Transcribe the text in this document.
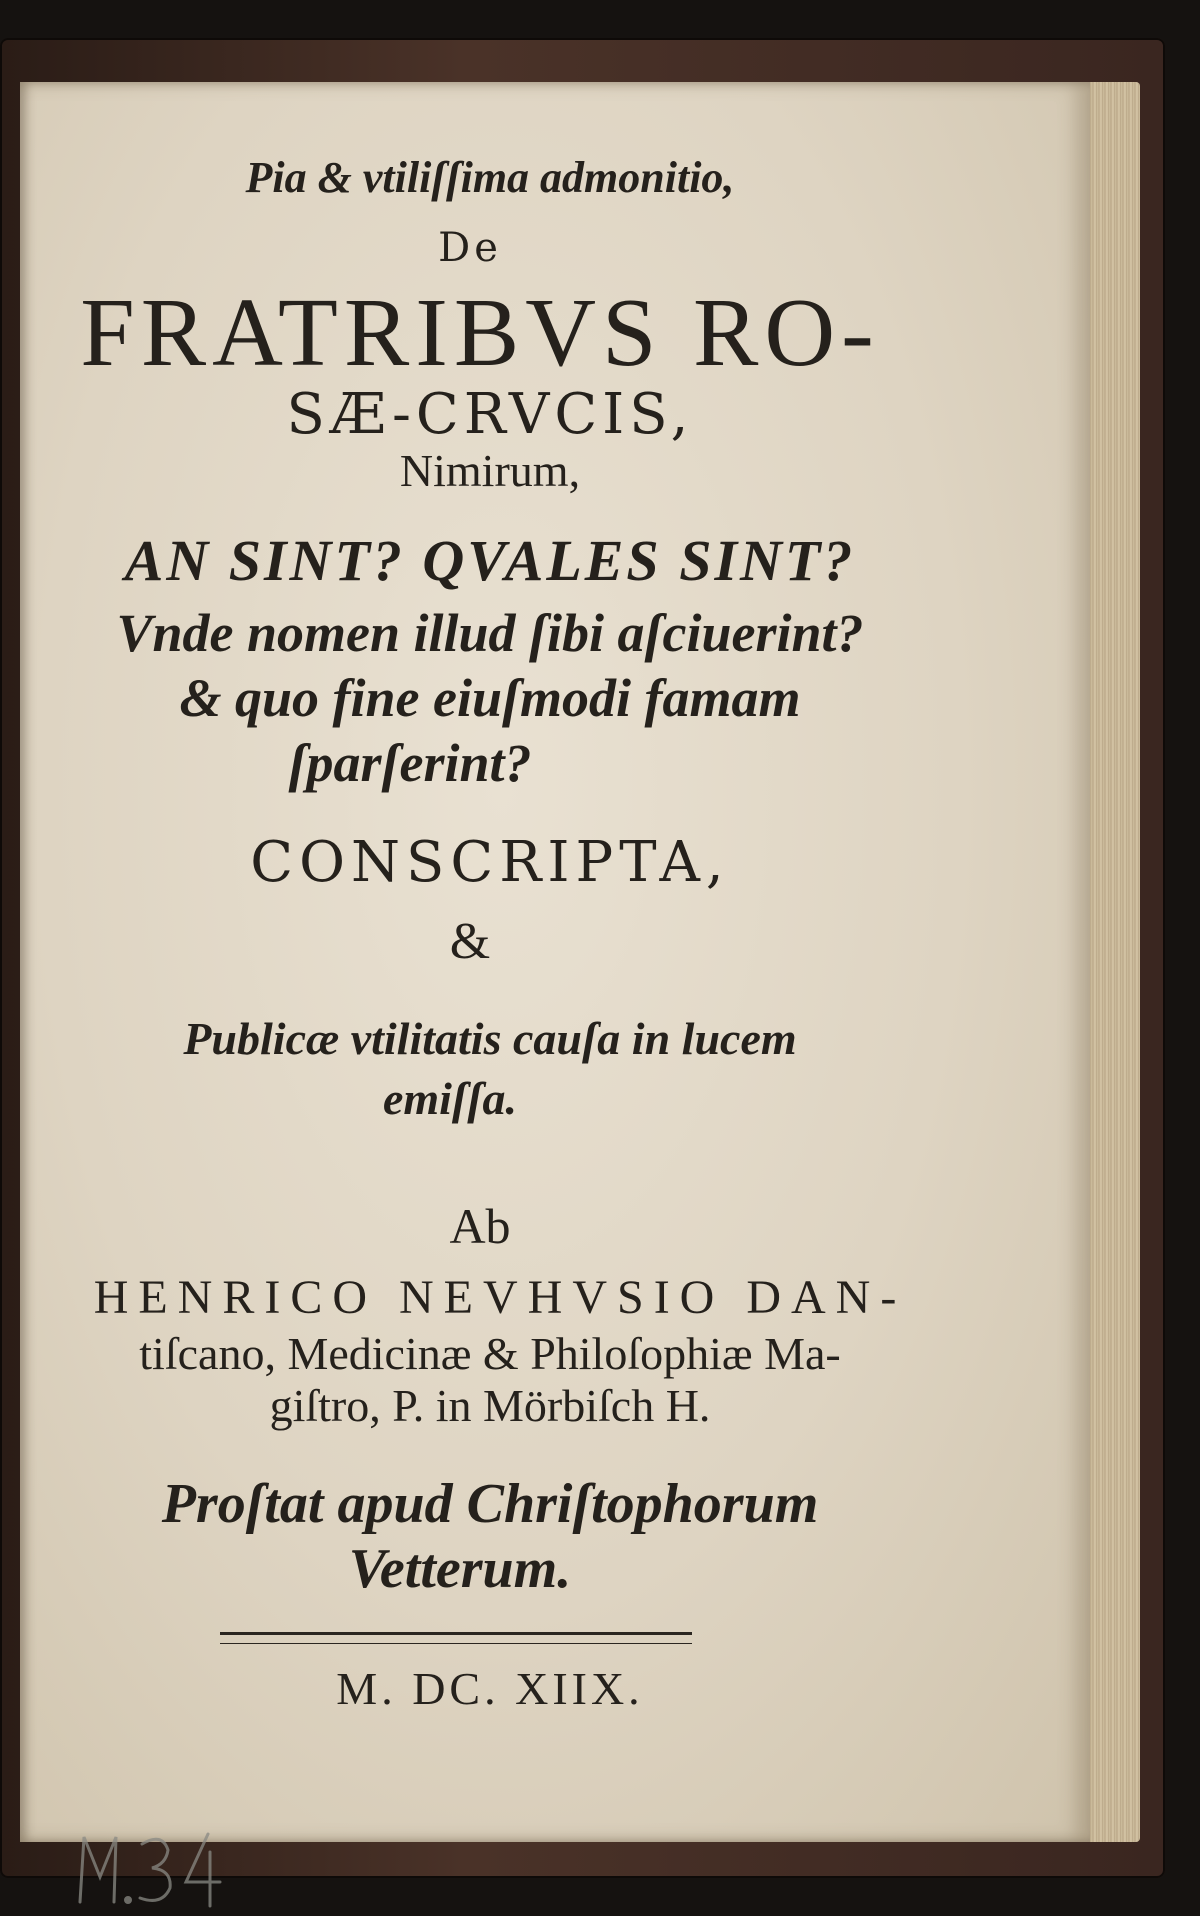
Pia & vtiliſſima admonitio,
De
FRATRIBVS RO-
SÆ-CRVCIS,
Nimirum,
AN SINT? QVALES SINT?
Vnde nomen illud ſibi aſciuerint?
& quo fine eiuſmodi famam
ſparſerint?
CONSCRIPTA,
&
Publicæ vtilitatis cauſa in lucem
emiſſa.
Ab
HENRICO NEVHVSIO DAN-
tiſcano, Medicinæ & Philoſophiæ Ma-
giſtro, P. in Mörbiſch H.
Proſtat apud Chriſtophorum
Vetterum.
M. DC. XIIX.
